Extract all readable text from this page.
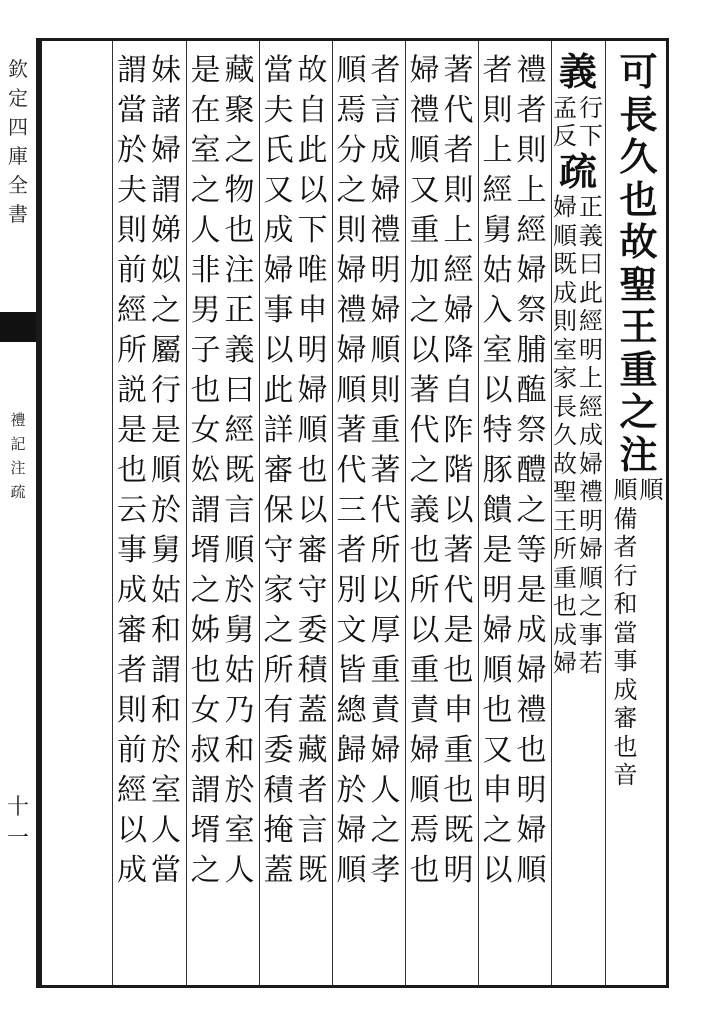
欽
定
四
庫
全
書
禮
記
注
疏
十
一
可
長
久
也
故
聖
王
重
之
注
順
順
備
者
行
和
當
事
成
審
也
音
義
行
下
孟
反
疏
正
義
曰
此
經
明
上
經
成
婦
禮
明
婦
順
之
事
若
婦
順
既
成
則
室
家
長
久
故
聖
王
所
重
也
成
婦
禮
者
則
上
經
婦
祭
脯
醢
祭
醴
之
等
是
成
婦
禮
也
明
婦
順
者
則
上
經
舅
姑
入
室
以
特
豚
饋
是
明
婦
順
也
又
申
之
以
著
代
者
則
上
經
婦
降
自
阼
階
以
著
代
是
也
申
重
也
既
明
婦
禮
順
又
重
加
之
以
著
代
之
義
也
所
以
重
責
婦
順
焉
也
者
言
成
婦
禮
明
婦
順
則
重
著
代
所
以
厚
重
責
婦
人
之
孝
順
焉
分
之
則
婦
禮
婦
順
著
代
三
者
別
文
皆
總
歸
於
婦
順
故
自
此
以
下
唯
申
明
婦
順
也
以
審
守
委
積
蓋
藏
者
言
既
當
夫
氏
又
成
婦
事
以
此
詳
審
保
守
家
之
所
有
委
積
掩
蓋
藏
聚
之
物
也
注
正
義
曰
經
既
言
順
於
舅
姑
乃
和
於
室
人
是
在
室
之
人
非
男
子
也
女
妐
謂
壻
之
姊
也
女
叔
謂
壻
之
妹
諸
婦
謂
娣
姒
之
屬
行
是
順
於
舅
姑
和
謂
和
於
室
人
當
謂
當
於
夫
則
前
經
所
説
是
也
云
事
成
審
者
則
前
經
以
成
